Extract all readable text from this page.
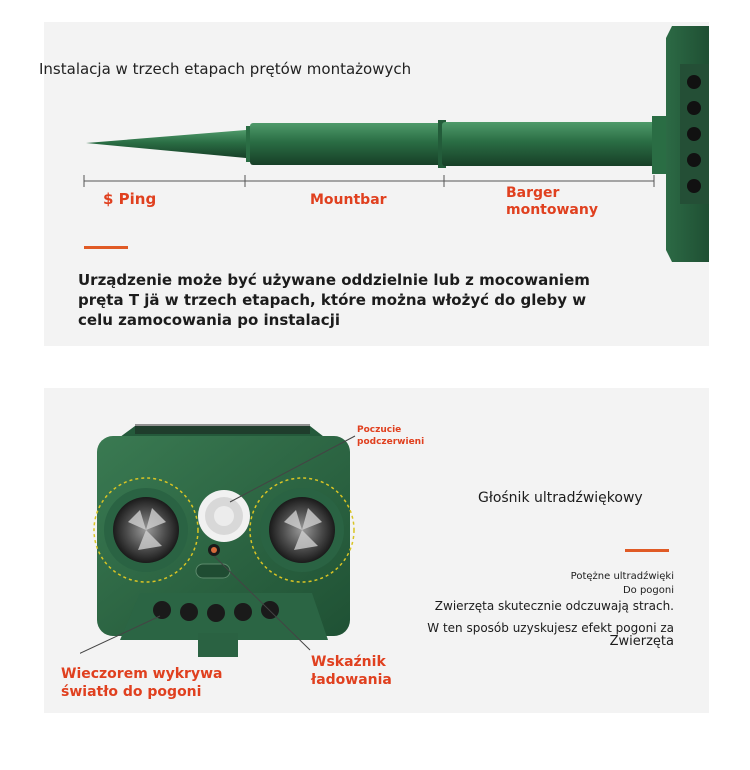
Instalacja w trzech etapach prętów montażowych
$ Ping	Mountbar	Barger montowany
Urządzenie może być używane oddzielnie lub z mocowaniem pręta T jä w trzech etapach, które można włożyć do gleby w celu zamocowania po instalacji
Poczucie podczerwieni
Głośnik ultradźwiękowy
Potężne ultradźwięki
Do pogoni
Zwierzęta skutecznie odczuwają strach.
W ten sposób uzyskujesz efekt pogoni za
Zwierzęta
Wieczorem wykrywa światło do pogoni
Wskaźnik ładowania
